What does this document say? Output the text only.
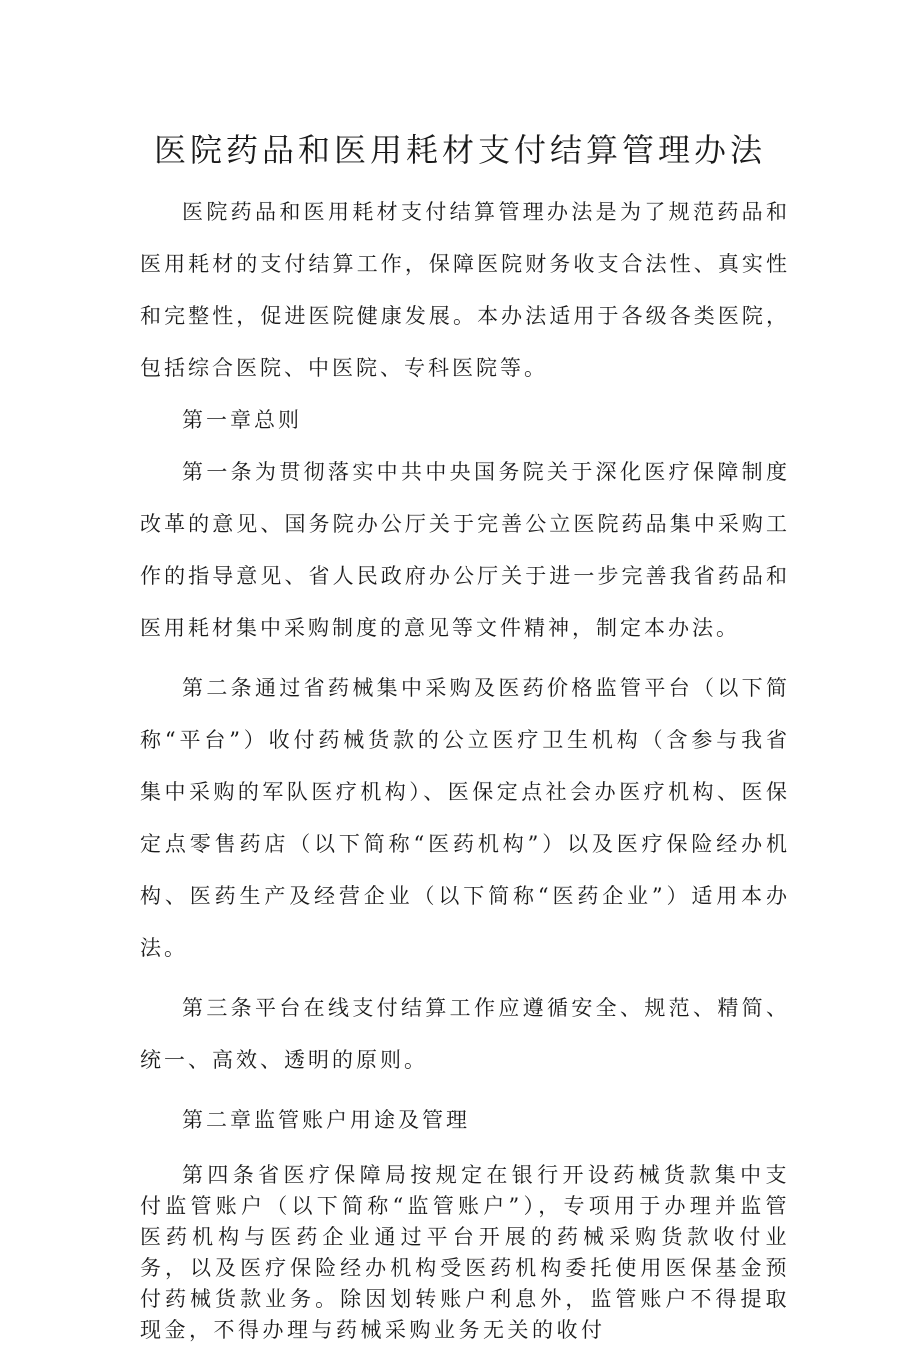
医院药品和医用耗材支付结算管理办法

医院药品和医用耗材支付结算管理办法是为了规范药品和医用耗材的支付结算工作，保障医院财务收支合法性、真实性和完整性，促进医院健康发展。本办法适用于各级各类医院，包括综合医院、中医院、专科医院等。

第一章总则

第一条为贯彻落实中共中央国务院关于深化医疗保障制度改革的意见、国务院办公厅关于完善公立医院药品集中采购工作的指导意见、省人民政府办公厅关于进一步完善我省药品和医用耗材集中采购制度的意见等文件精神，制定本办法。

第二条通过省药械集中采购及医药价格监管平台（以下简称“平台”）收付药械货款的公立医疗卫生机构（含参与我省集中采购的军队医疗机构）、医保定点社会办医疗机构、医保定点零售药店（以下简称“医药机构”）以及医疗保险经办机构、医药生产及经营企业（以下简称“医药企业”）适用本办法。

第三条平台在线支付结算工作应遵循安全、规范、精简、统一、高效、透明的原则。

第二章监管账户用途及管理

第四条省医疗保障局按规定在银行开设药械货款集中支付监管账户（以下简称“监管账户”），专项用于办理并监管医药机构与医药企业通过平台开展的药械采购货款收付业务，以及医疗保险经办机构受医药机构委托使用医保基金预付药械货款业务。除因划转账户利息外，监管账户不得提取现金，不得办理与药械采购业务无关的收付
